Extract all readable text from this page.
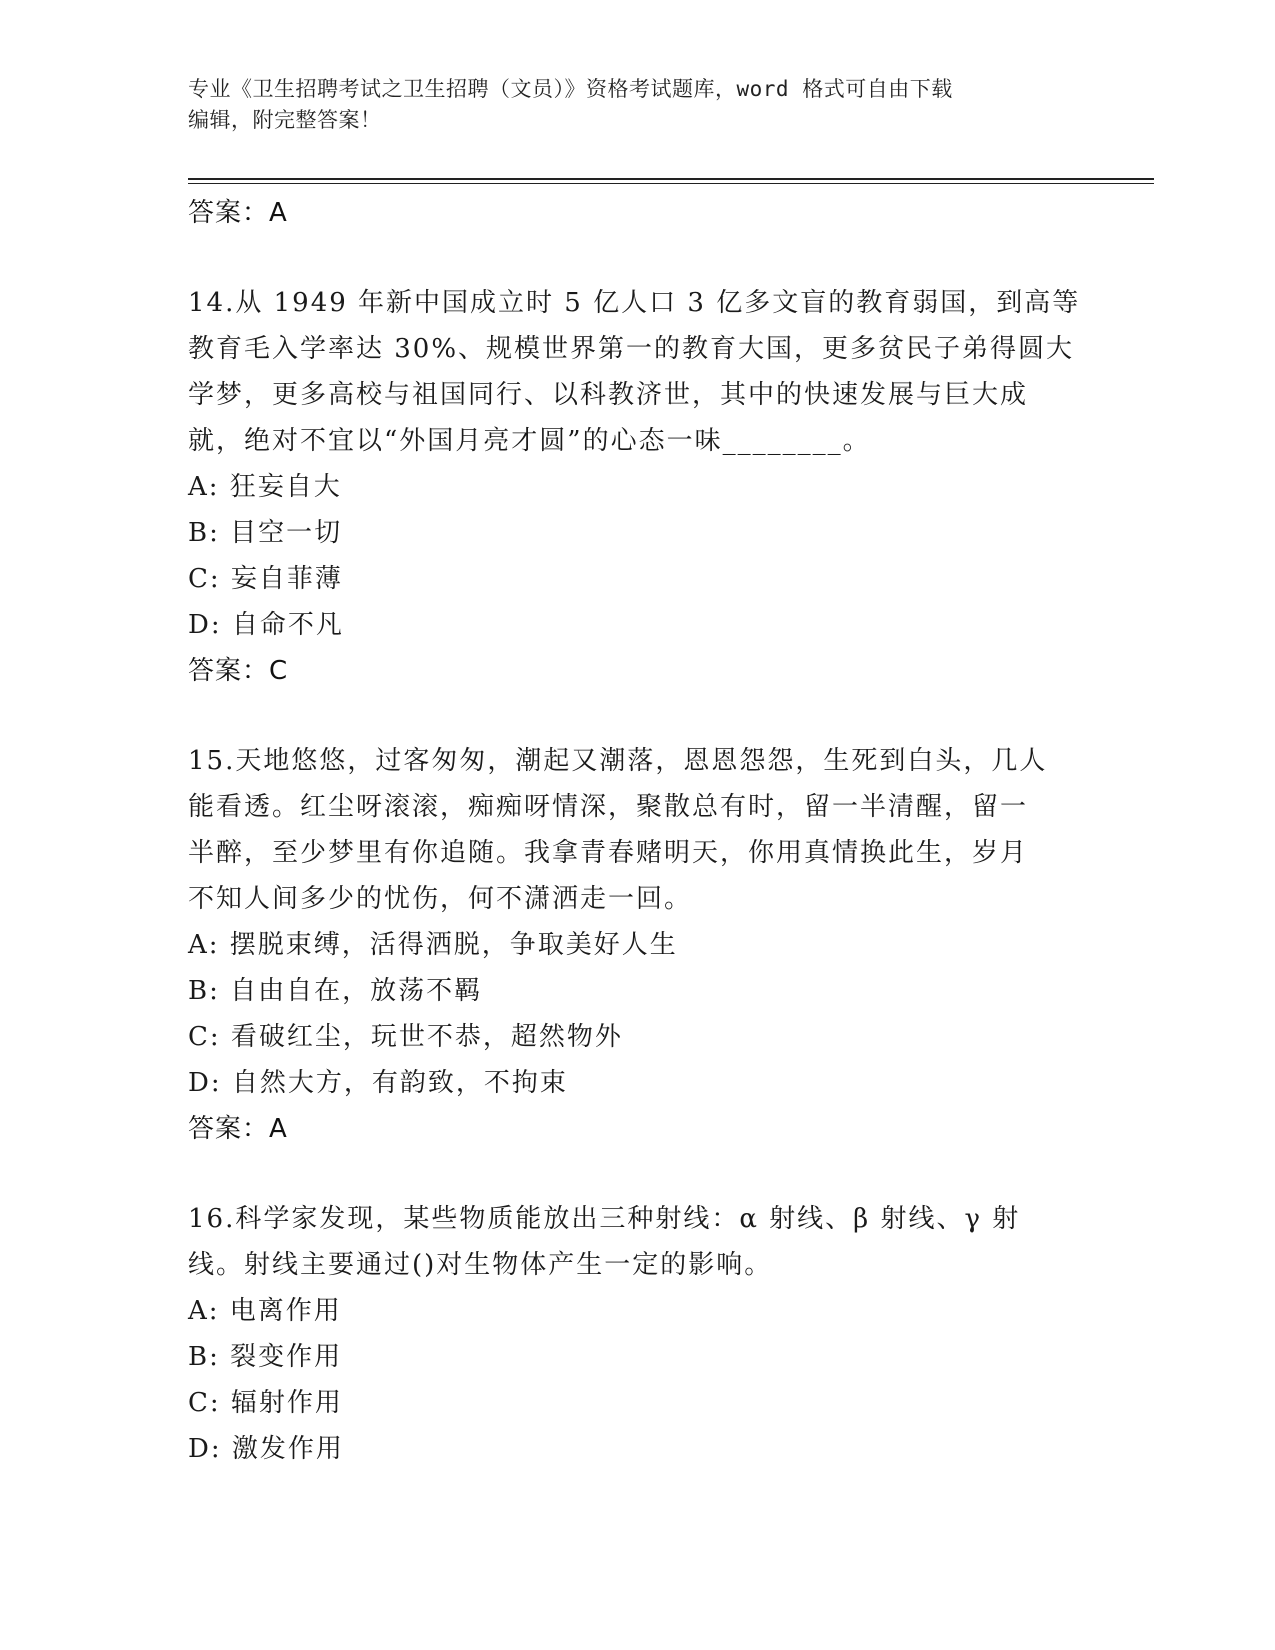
专业《卫生招聘考试之卫生招聘（文员）》资格考试题库，word 格式可自由下载
编辑，附完整答案！
答案：A
14.从 1949 年新中国成立时 5 亿人口 3 亿多文盲的教育弱国，到高等
教育毛入学率达 30%、规模世界第一的教育大国，更多贫民子弟得圆大
学梦，更多高校与祖国同行、以科教济世，其中的快速发展与巨大成
就，绝对不宜以“外国月亮才圆”的心态一味________。
A: 狂妄自大
B: 目空一切
C: 妄自菲薄
D: 自命不凡
答案：C
15.天地悠悠，过客匆匆，潮起又潮落，恩恩怨怨，生死到白头，几人
能看透。红尘呀滚滚，痴痴呀情深，聚散总有时，留一半清醒，留一
半醉，至少梦里有你追随。我拿青春赌明天，你用真情换此生，岁月
不知人间多少的忧伤，何不潇洒走一回。
A: 摆脱束缚，活得洒脱，争取美好人生
B: 自由自在，放荡不羁
C: 看破红尘，玩世不恭，超然物外
D: 自然大方，有韵致，不拘束
答案：A
16.科学家发现，某些物质能放出三种射线：α 射线、β 射线、γ 射
线。射线主要通过()对生物体产生一定的影响。
A: 电离作用
B: 裂变作用
C: 辐射作用
D: 激发作用
